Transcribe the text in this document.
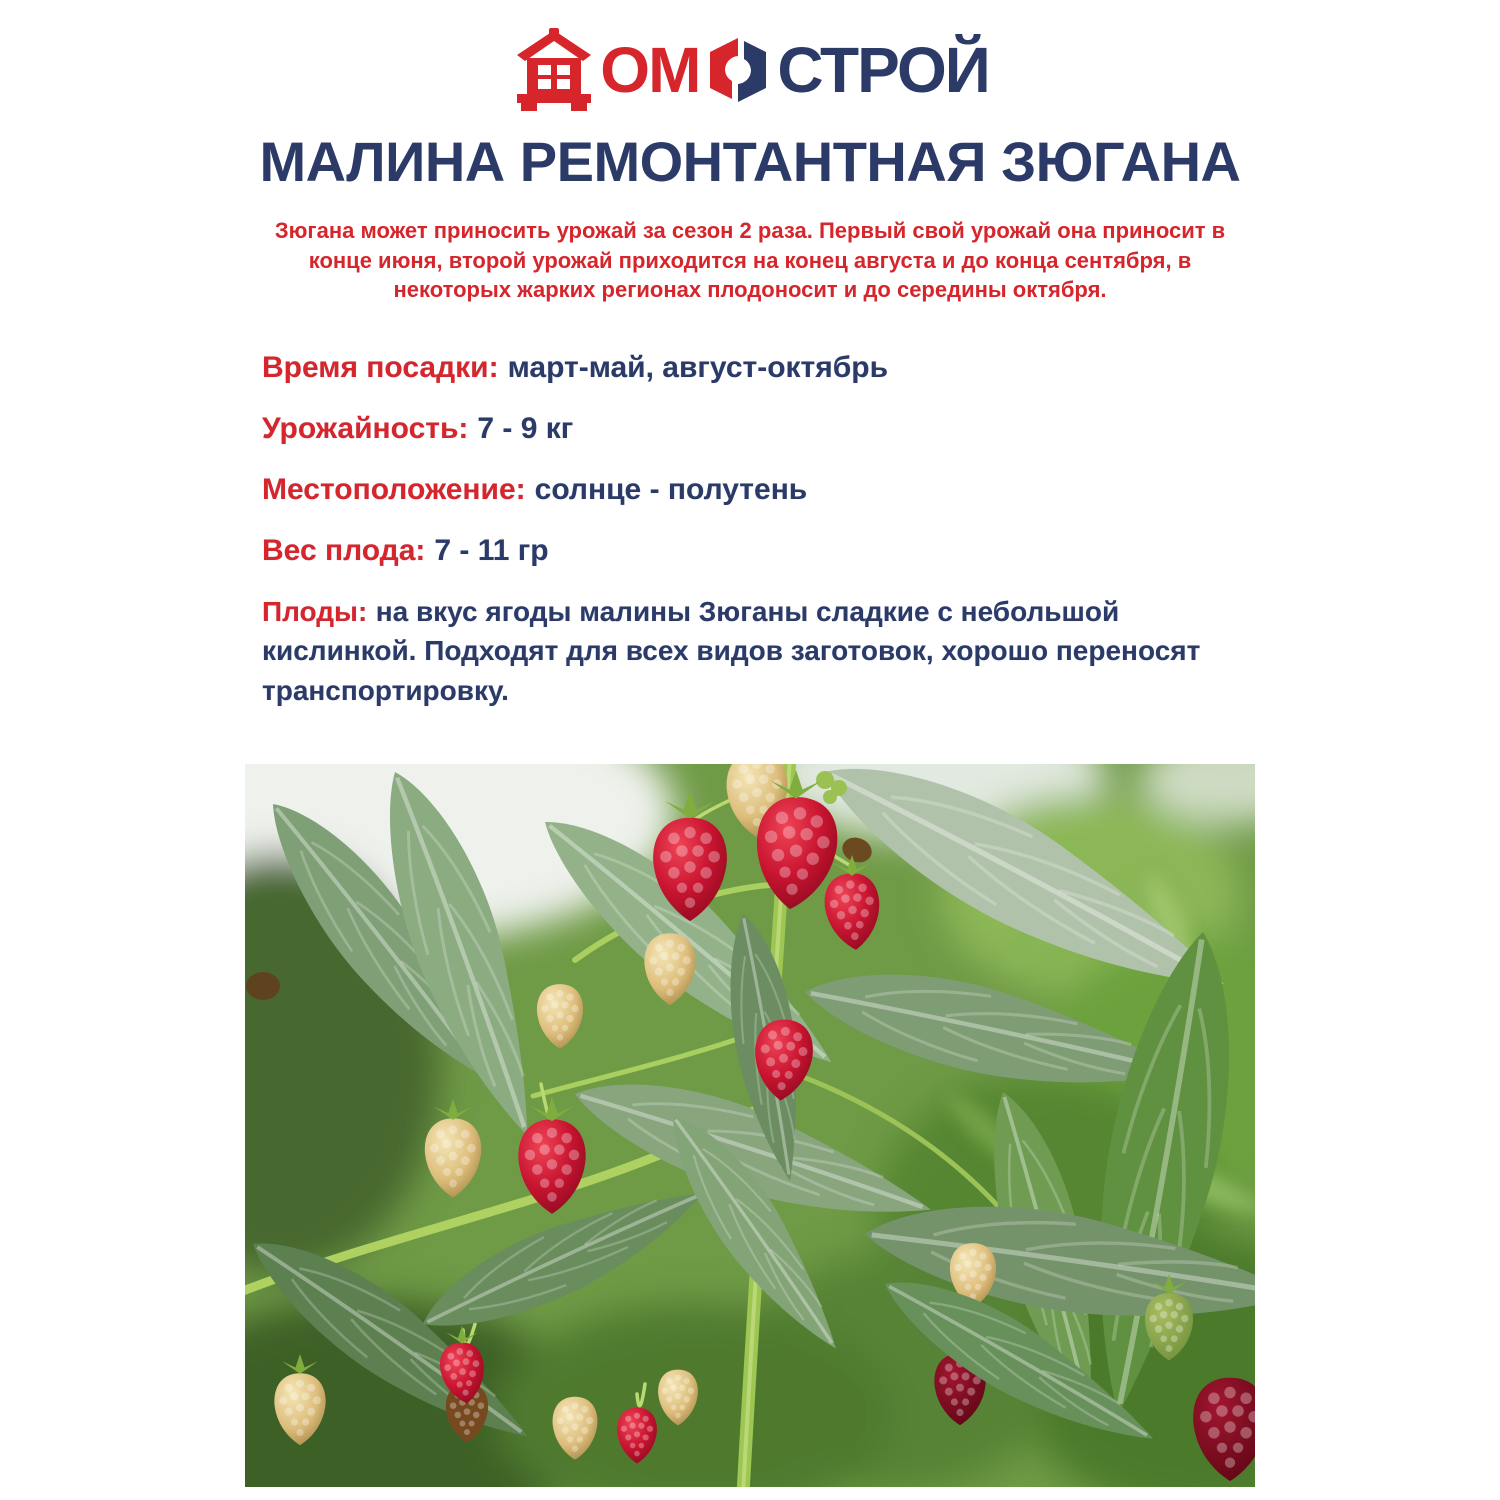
ОМ СТРОЙ
МАЛИНА РЕМОНТАНТНАЯ ЗЮГАНА

Зюгана может приносить урожай за сезон 2 раза. Первый свой урожай она приносит в конце июня, второй урожай приходится на конец августа и до конца сентября, в некоторых жарких регионах плодоносит и до середины октября.

Время посадки: март-май, август-октябрь

Урожайность: 7 - 9 кг

Местоположение: солнце - полутень

Вес плода: 7 - 11 гр

Плоды: на вкус ягоды малины Зюганы сладкие с небольшой кислинкой. Подходят для всех видов заготовок, хорошо переносят транспортировку.
